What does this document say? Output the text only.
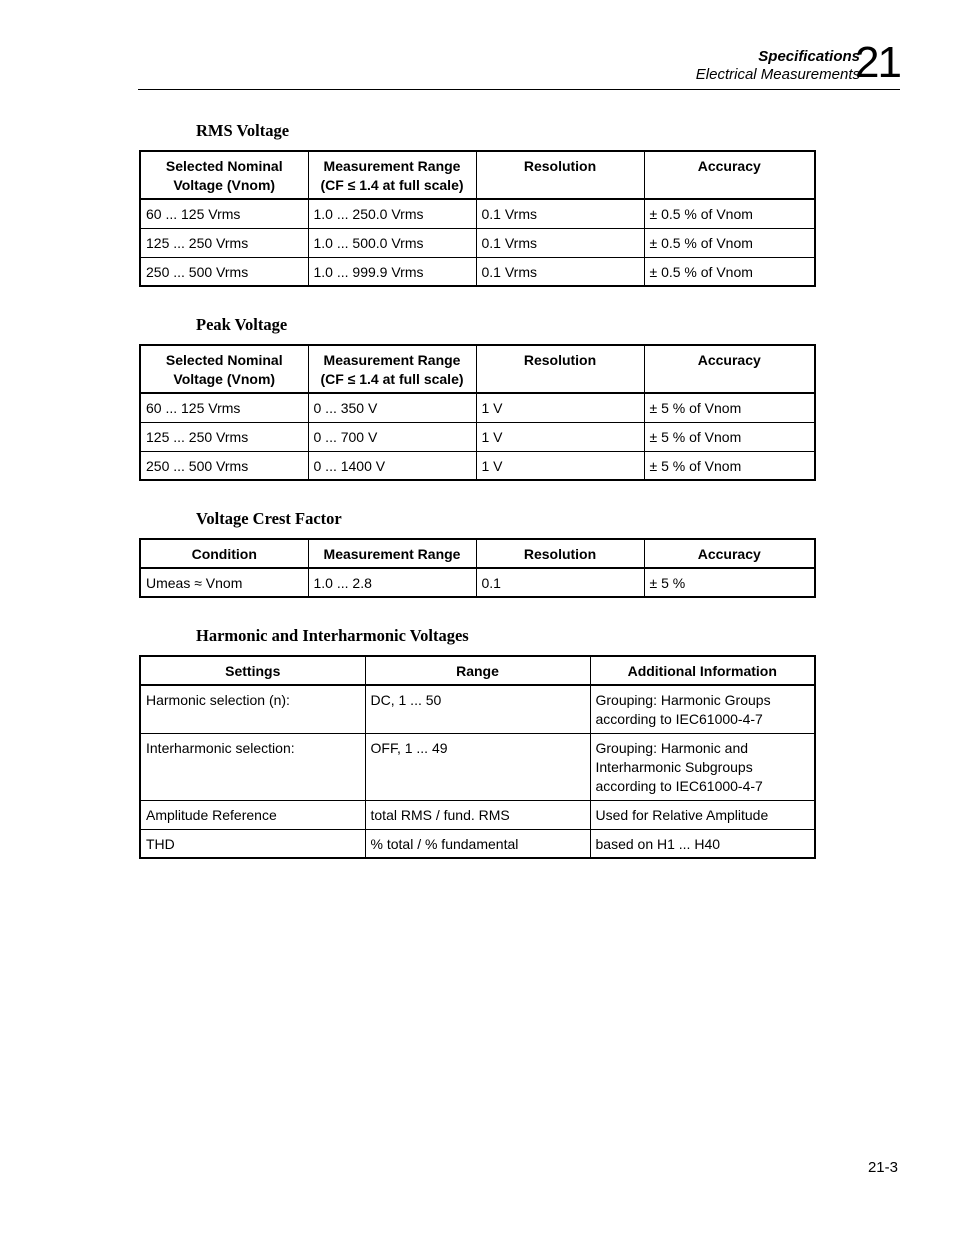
Specifications
Electrical Measurements
21
RMS Voltage
Selected Nominal Voltage (Vnom)	Measurement Range (CF ≤ 1.4 at full scale)	Resolution	Accuracy
60 ... 125 Vrms	1.0 ... 250.0 Vrms	0.1 Vrms	± 0.5 % of Vnom
125 ... 250 Vrms	1.0 ... 500.0 Vrms	0.1 Vrms	± 0.5 % of Vnom
250 ... 500 Vrms	1.0 ... 999.9 Vrms	0.1 Vrms	± 0.5 % of Vnom
Peak Voltage
Selected Nominal Voltage (Vnom)	Measurement Range (CF ≤ 1.4 at full scale)	Resolution	Accuracy
60 ... 125 Vrms	0 ... 350 V	1 V	± 5 % of Vnom
125 ... 250 Vrms	0 ... 700 V	1 V	± 5 % of Vnom
250 ... 500 Vrms	0 ... 1400 V	1 V	± 5 % of Vnom
Voltage Crest Factor
Condition	Measurement Range	Resolution	Accuracy
Umeas ≈ Vnom	1.0 ... 2.8	0.1	± 5 %
Harmonic and Interharmonic Voltages
Settings	Range	Additional Information
Harmonic selection (n):	DC, 1 ... 50	Grouping: Harmonic Groups according to IEC61000-4-7
Interharmonic selection:	OFF, 1 ... 49	Grouping: Harmonic and Interharmonic Subgroups according to IEC61000-4-7
Amplitude Reference	total RMS / fund. RMS	Used for Relative Amplitude
THD	% total / % fundamental	based on H1 ... H40
21-3
